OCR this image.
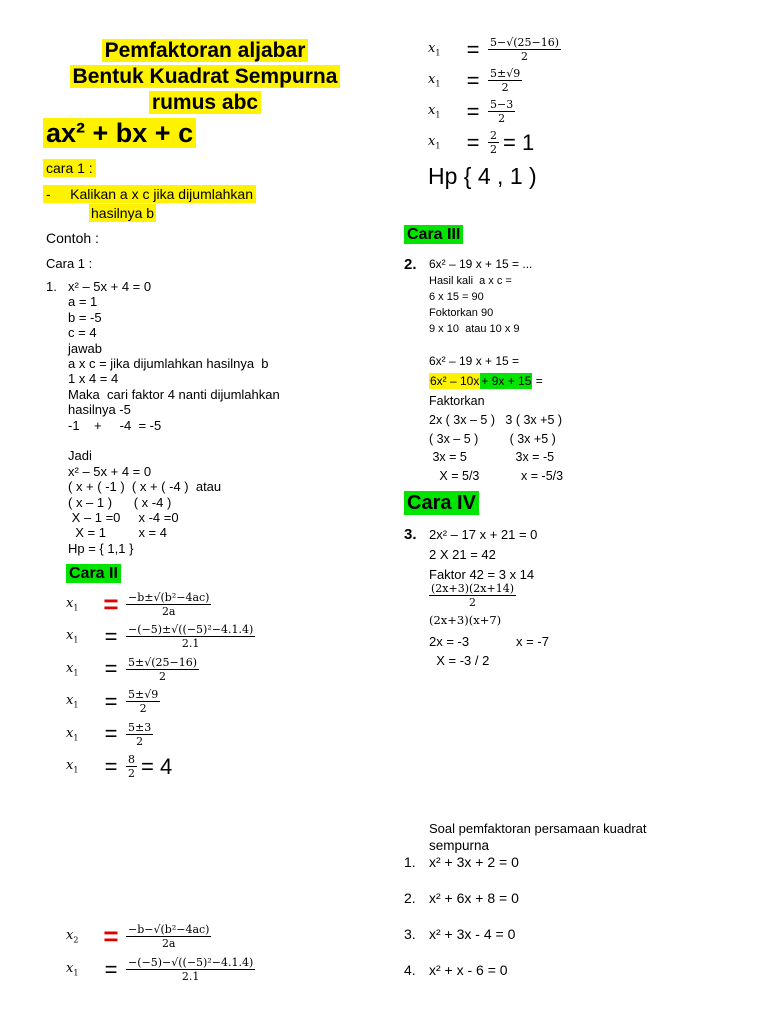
Pemfaktoran aljabar
Bentuk Kuadrat Sempurna
rumus abc
ax² + bx + c
cara 1 :
- Kalikan a x c jika dijumlahkan
hasilnya b
Contoh :
Cara 1 :
1. x² – 5x + 4 = 0
a = 1
b = -5
c = 4
jawab
a x c = jika dijumlahkan hasilnya  b
1 x 4 = 4
Maka  cari faktor 4 nanti dijumlahkan
hasilnya -5
-1    +     -4  = -5
Jadi
x² – 5x + 4 = 0
( x + ( -1 )  ( x + ( -4 )  atau
( x – 1 )      ( x -4 )
X – 1 =0     x -4 =0
X = 1         x = 4
Hp = { 1,1 }
Cara II
$x_1 = \frac{\text{−b±√(b²−4ac)}}{2a}$
$x_1$	= $\frac{\text{−(−5)±√((−5)²−4.1.4)}}{2.1}$
$x_1$	= $\frac{5\pm√(25-16)}{2}$
$x_1$	= $\frac{5\pm√9}{2}$
$x_1$	= $\frac{5\pm 3}{2}$
$x_1$	= $\frac{8}{2} = 4$
$x_2 = \frac{\text{−b−√(b²−4ac)}}{2a}$
$x_1$	= $\frac{\text{−(−5)−√((−5)²−4.1.4)}}{2.1}$
$x_1$	= $\frac{5-√(25-16)}{2}$
$x_1$	= $\frac{5\pm√9}{2}$
$x_1$	= $\frac{5-3}{2}$
$x_1$	= $\frac{2}{2} = 1$
Hp { 4 , 1 )
Cara III
2. 6x² – 19 x + 15 = ...
Hasil kali  a x c =
6 x 15 = 90
Foktorkan 90
9 x 10  atau 10 x 9
6x² – 19 x + 15 =
6x² – 10x + 9x + 15 =
Faktorkan
2x ( 3x – 5 )   3 ( 3x +5 )
( 3x – 5 )         ( 3x +5 )
3x = 5              3x = -5
X = 5/3            x = -5/3
Cara IV
3. 2x² – 17 x + 21 = 0
2 X 21 = 42
Faktor 42 = 3 x 14
$\frac{(2x+3)(2x+14)}{2}$
(2x+3)(x+7)
2x = -3             x = -7
X = -3 / 2
Soal pemfaktoran persamaan kuadrat
sempurna
1. x² + 3x + 2 = 0
2. x² + 6x + 8 = 0
3. x² + 3x - 4 = 0
4. x² + x - 6 = 0
